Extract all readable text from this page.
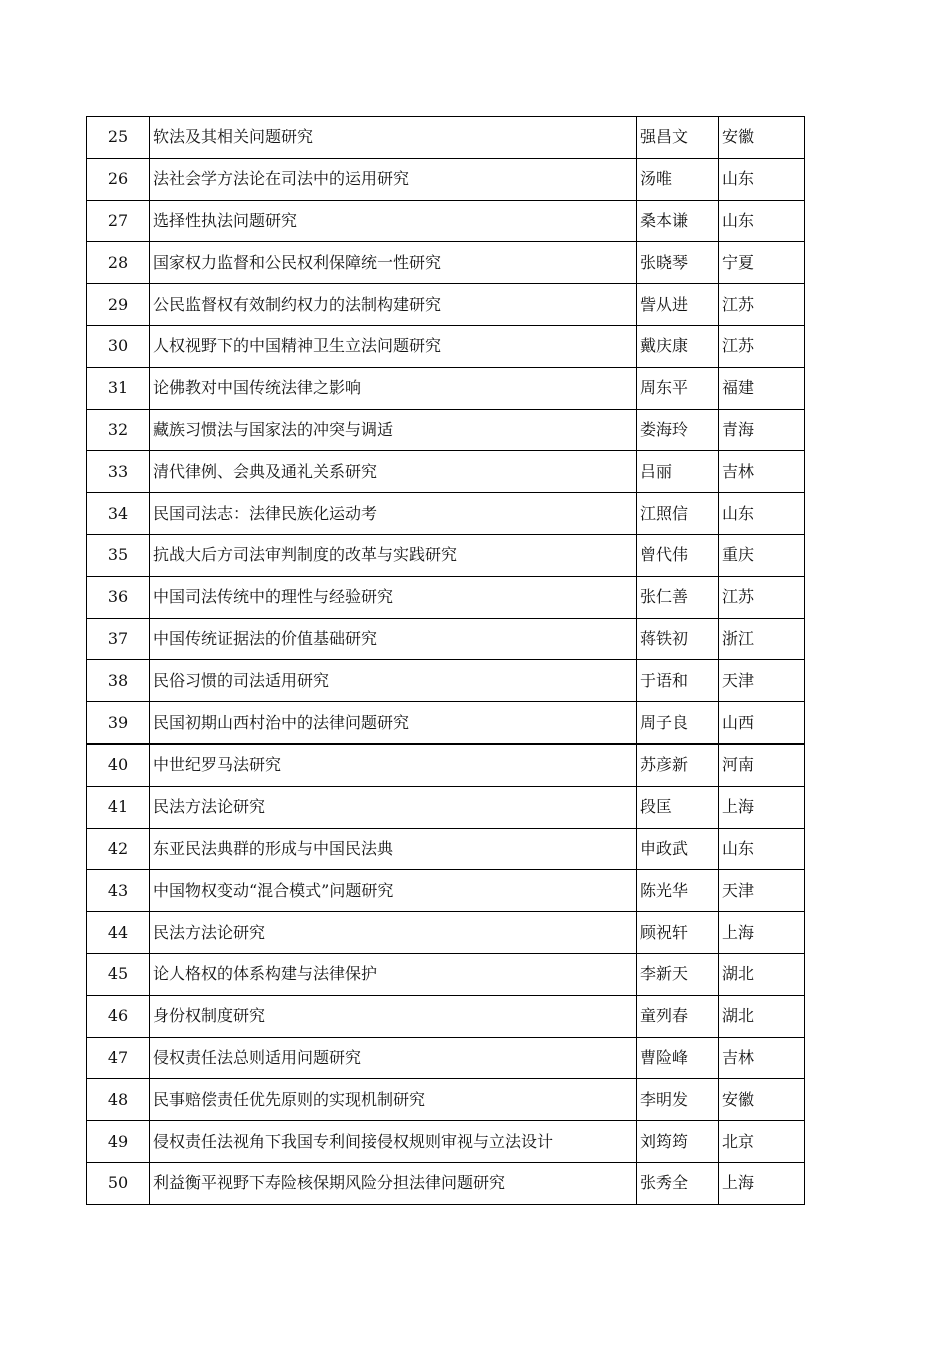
25	软法及其相关问题研究	强昌文	安徽
26	法社会学方法论在司法中的运用研究	汤唯	山东
27	选择性执法问题研究	桑本谦	山东
28	国家权力监督和公民权利保障统一性研究	张晓琴	宁夏
29	公民监督权有效制约权力的法制构建研究	訾从进	江苏
30	人权视野下的中国精神卫生立法问题研究	戴庆康	江苏
31	论佛教对中国传统法律之影响	周东平	福建
32	藏族习惯法与国家法的冲突与调适	娄海玲	青海
33	清代律例、会典及通礼关系研究	吕丽	吉林
34	民国司法志：法律民族化运动考	江照信	山东
35	抗战大后方司法审判制度的改革与实践研究	曾代伟	重庆
36	中国司法传统中的理性与经验研究	张仁善	江苏
37	中国传统证据法的价值基础研究	蒋铁初	浙江
38	民俗习惯的司法适用研究	于语和	天津
39	民国初期山西村治中的法律问题研究	周子良	山西
40	中世纪罗马法研究	苏彦新	河南
41	民法方法论研究	段匡	上海
42	东亚民法典群的形成与中国民法典	申政武	山东
43	中国物权变动“混合模式”问题研究	陈光华	天津
44	民法方法论研究	顾祝轩	上海
45	论人格权的体系构建与法律保护	李新天	湖北
46	身份权制度研究	童列春	湖北
47	侵权责任法总则适用问题研究	曹险峰	吉林
48	民事赔偿责任优先原则的实现机制研究	李明发	安徽
49	侵权责任法视角下我国专利间接侵权规则审视与立法设计	刘筠筠	北京
50	利益衡平视野下寿险核保期风险分担法律问题研究	张秀全	上海
